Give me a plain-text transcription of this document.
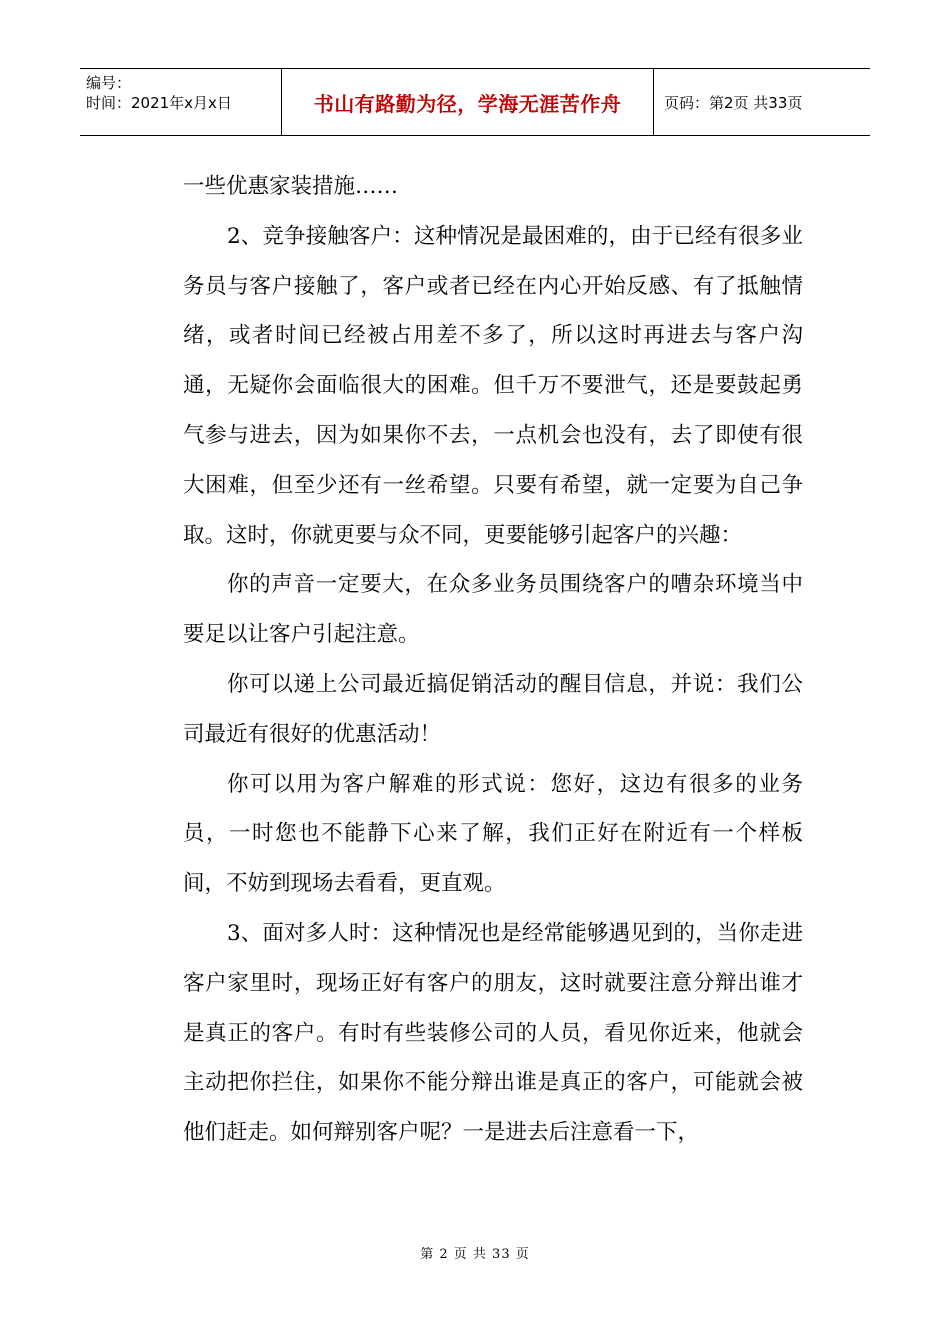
编号：
时间：2021年x月x日	书山有路勤为径，学海无涯苦作舟	页码：第2页 共33页

一些优惠家装措施……

2、竞争接触客户：这种情况是最困难的，由于已经有很多业务员与客户接触了，客户或者已经在内心开始反感、有了抵触情绪，或者时间已经被占用差不多了，所以这时再进去与客户沟通，无疑你会面临很大的困难。但千万不要泄气，还是要鼓起勇气参与进去，因为如果你不去，一点机会也没有，去了即使有很大困难，但至少还有一丝希望。只要有希望，就一定要为自己争取。这时，你就更要与众不同，更要能够引起客户的兴趣：

你的声音一定要大，在众多业务员围绕客户的嘈杂环境当中要足以让客户引起注意。

你可以递上公司最近搞促销活动的醒目信息，并说：我们公司最近有很好的优惠活动！

你可以用为客户解难的形式说：您好，这边有很多的业务员，一时您也不能静下心来了解，我们正好在附近有一个样板间，不妨到现场去看看，更直观。

3、面对多人时：这种情况也是经常能够遇见到的，当你走进客户家里时，现场正好有客户的朋友，这时就要注意分辩出谁才是真正的客户。有时有些装修公司的人员，看见你近来，他就会主动把你拦住，如果你不能分辩出谁是真正的客户，可能就会被他们赶走。如何辩别客户呢？一是进去后注意看一下，

第 2 页 共 33 页
